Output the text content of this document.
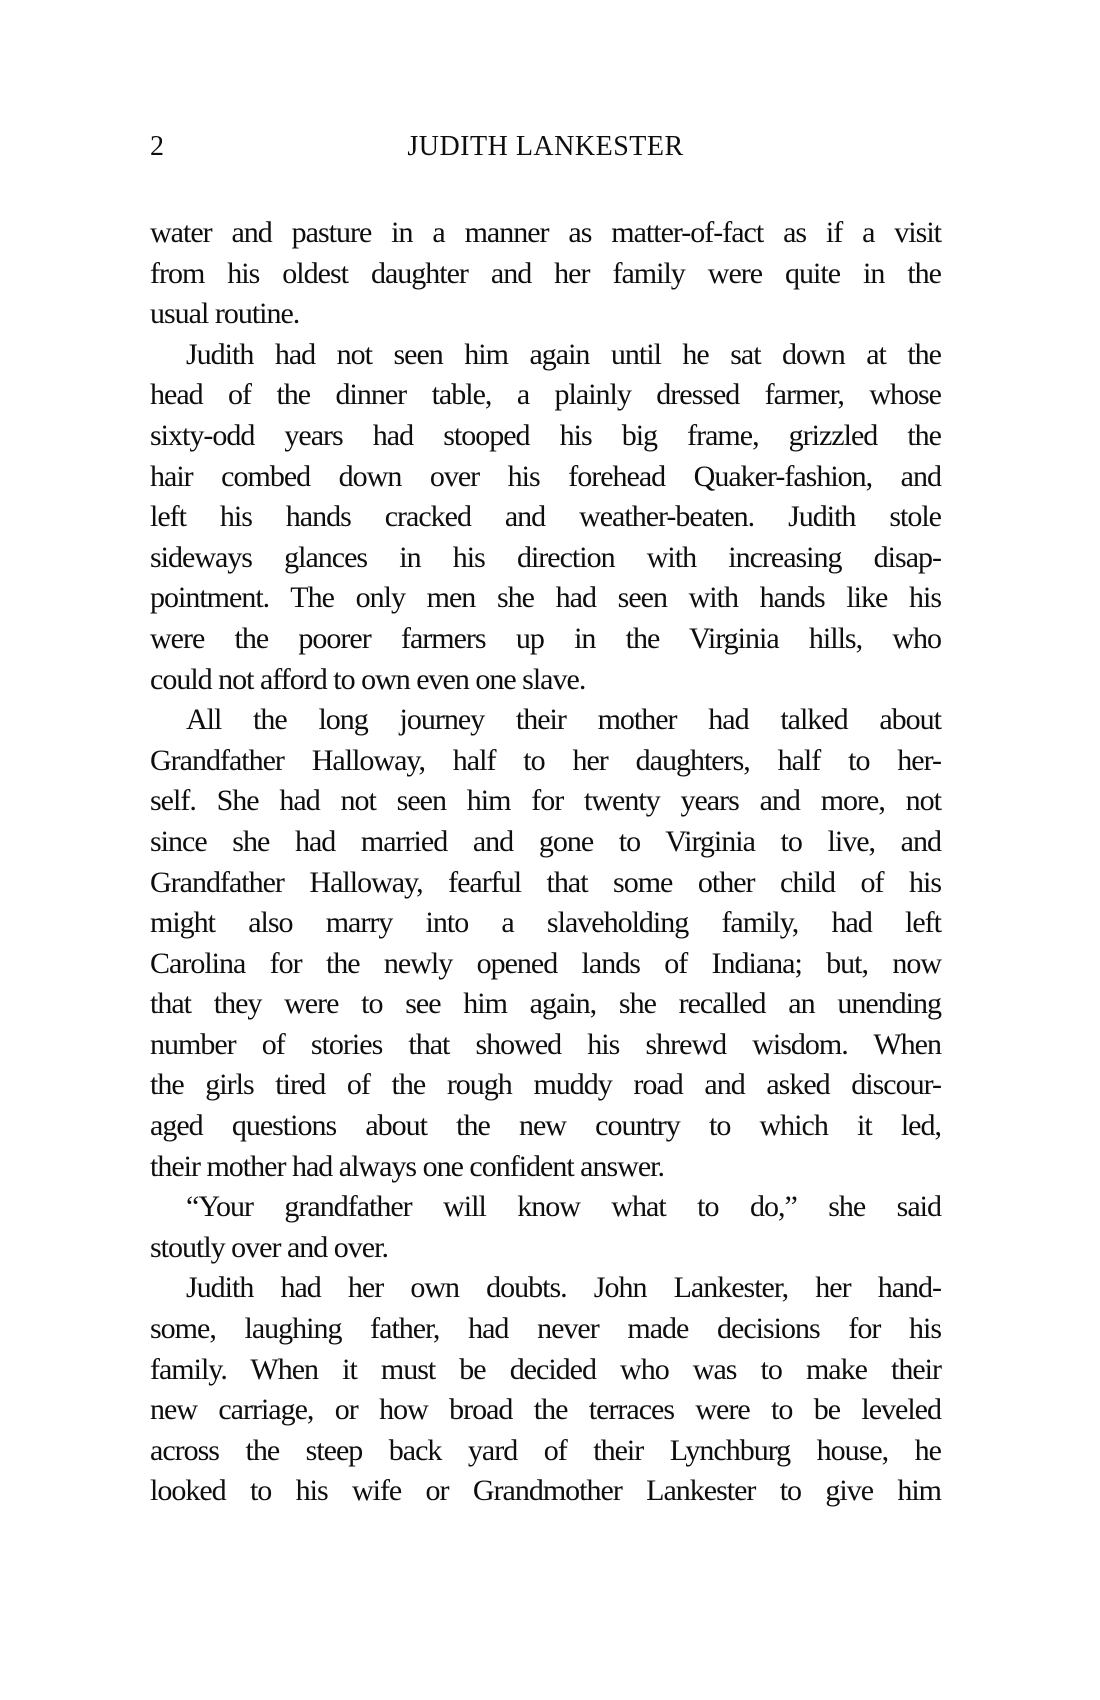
2	JUDITH LANKESTER
water and pasture in a manner as matter-of-fact as if a visit
from his oldest daughter and her family were quite in the
usual routine.
Judith had not seen him again until he sat down at the
head of the dinner table, a plainly dressed farmer, whose
sixty-odd years had stooped his big frame, grizzled the
hair combed down over his forehead Quaker-fashion, and
left his hands cracked and weather-beaten. Judith stole
sideways glances in his direction with increasing disap-
pointment. The only men she had seen with hands like his
were the poorer farmers up in the Virginia hills, who
could not afford to own even one slave.
All the long journey their mother had talked about
Grandfather Halloway, half to her daughters, half to her-
self. She had not seen him for twenty years and more, not
since she had married and gone to Virginia to live, and
Grandfather Halloway, fearful that some other child of his
might also marry into a slaveholding family, had left
Carolina for the newly opened lands of Indiana; but, now
that they were to see him again, she recalled an unending
number of stories that showed his shrewd wisdom. When
the girls tired of the rough muddy road and asked discour-
aged questions about the new country to which it led,
their mother had always one confident answer.
“Your grandfather will know what to do,” she said
stoutly over and over.
Judith had her own doubts. John Lankester, her hand-
some, laughing father, had never made decisions for his
family. When it must be decided who was to make their
new carriage, or how broad the terraces were to be leveled
across the steep back yard of their Lynchburg house, he
looked to his wife or Grandmother Lankester to give him
